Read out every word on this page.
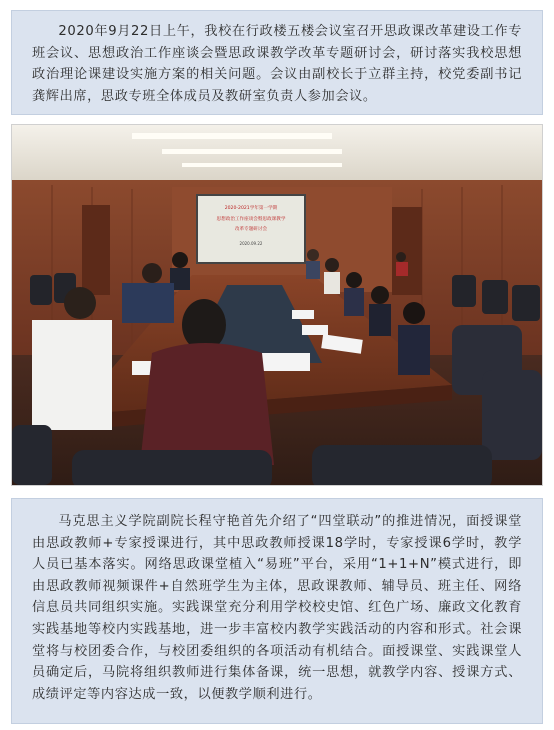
2020年9月22日上午，我校在行政楼五楼会议室召开思政课改革建设工作专班会议、思想政治工作座谈会暨思政课教学改革专题研讨会，研讨落实我校思想政治理论课建设实施方案的相关问题。会议由副校长于立群主持，校党委副书记龚辉出席，思政专班全体成员及教研室负责人参加会议。

2020-2021学年第一学期
思想政治工作座谈会暨思政课教学
改革专题研讨会
2020.09.22

马克思主义学院副院长程守艳首先介绍了“四堂联动”的推进情况，面授课堂由思政教师+专家授课进行，其中思政教师授课18学时，专家授课6学时，教学人员已基本落实。网络思政课堂植入“易班”平台，采用“1+1+N”模式进行，即由思政教师视频课件+自然班学生为主体，思政课教师、辅导员、班主任、网络信息员共同组织实施。实践课堂充分利用学校校史馆、红色广场、廉政文化教育实践基地等校内实践基地，进一步丰富校内教学实践活动的内容和形式。社会课堂将与校团委合作，与校团委组织的各项活动有机结合。面授课堂、实践课堂人员确定后，马院将组织教师进行集体备课，统一思想，就教学内容、授课方式、成绩评定等内容达成一致，以便教学顺利进行。
